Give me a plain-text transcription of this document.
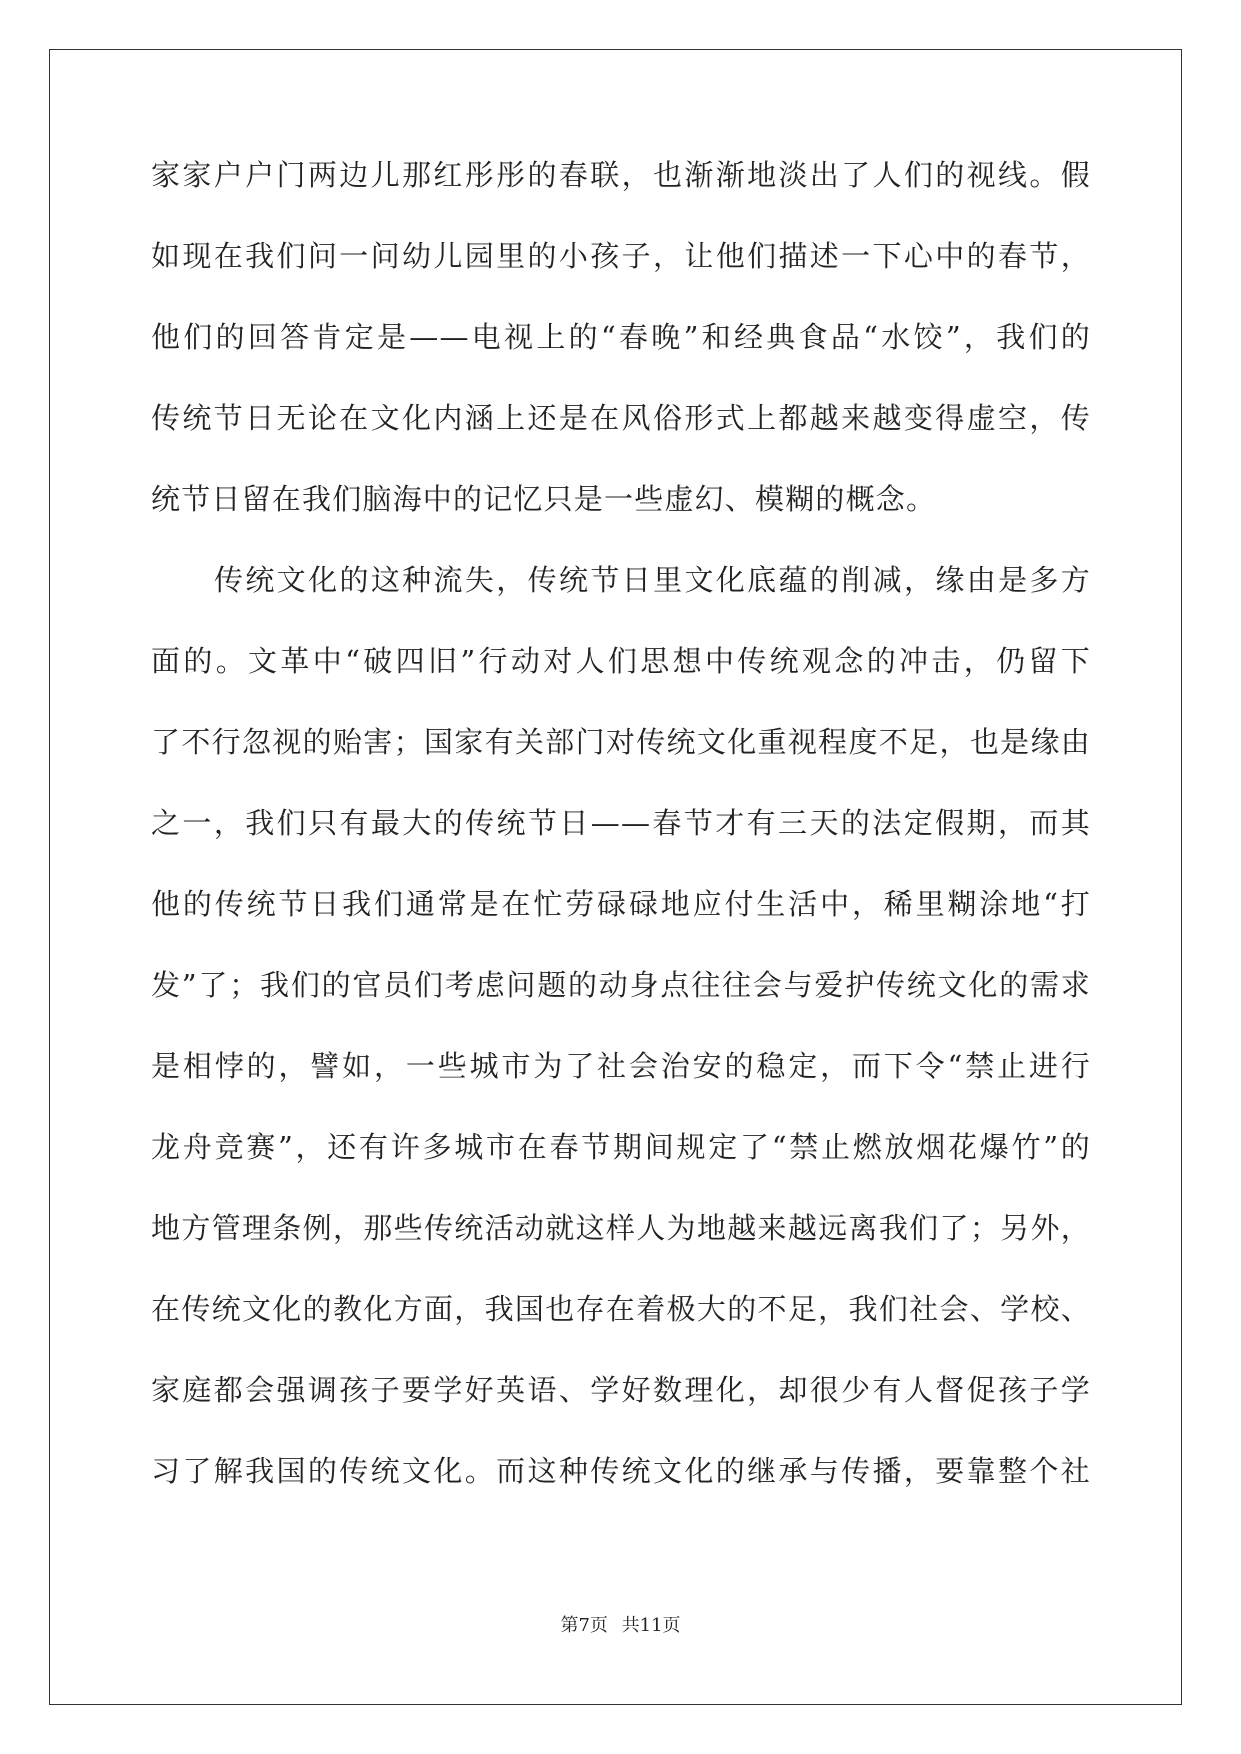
家家户户门两边儿那红彤彤的春联，也渐渐地淡出了人们的视线。假
如现在我们问一问幼儿园里的小孩子，让他们描述一下心中的春节，
他们的回答肯定是——电视上的“春晚”和经典食品“水饺”，我们的
传统节日无论在文化内涵上还是在风俗形式上都越来越变得虚空，传
统节日留在我们脑海中的记忆只是一些虚幻、模糊的概念。
传统文化的这种流失，传统节日里文化底蕴的削减，缘由是多方
面的。文革中“破四旧”行动对人们思想中传统观念的冲击，仍留下
了不行忽视的贻害；国家有关部门对传统文化重视程度不足，也是缘由
之一，我们只有最大的传统节日——春节才有三天的法定假期，而其
他的传统节日我们通常是在忙劳碌碌地应付生活中，稀里糊涂地“打
发”了；我们的官员们考虑问题的动身点往往会与爱护传统文化的需求
是相悖的，譬如，一些城市为了社会治安的稳定，而下令“禁止进行
龙舟竞赛”，还有许多城市在春节期间规定了“禁止燃放烟花爆竹”的
地方管理条例，那些传统活动就这样人为地越来越远离我们了；另外，
在传统文化的教化方面，我国也存在着极大的不足，我们社会、学校、
家庭都会强调孩子要学好英语、学好数理化，却很少有人督促孩子学
习了解我国的传统文化。而这种传统文化的继承与传播，要靠整个社
第7页 共11页
